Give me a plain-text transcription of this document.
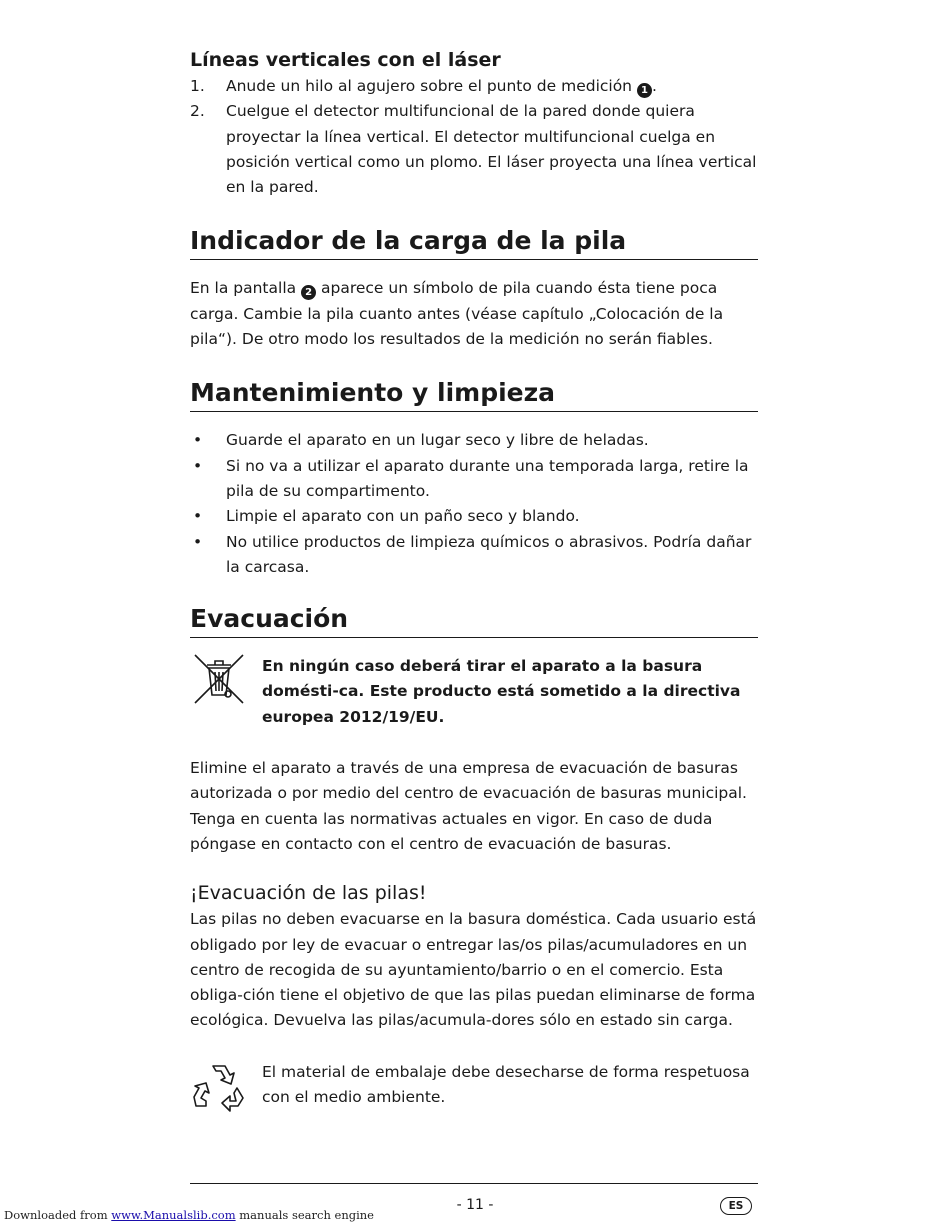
Líneas verticales con el láser
1. Anude un hilo al agujero sobre el punto de medición 1 .
2. Cuelgue el detector multifuncional de la pared donde quiera proyectar la línea vertical. El detector multifuncional cuelga en posición vertical como un plomo. El láser proyecta una línea vertical en la pared.
Indicador de la carga de la pila

En la pantalla 2 aparece un símbolo de pila cuando ésta tiene poca carga. Cambie la pila cuanto antes (véase capítulo „Colocación de la pila“). De otro modo los resultados de la medición no serán fiables.

Mantenimiento y limpieza
• Guarde el aparato en un lugar seco y libre de heladas.
• Si no va a utilizar el aparato durante una temporada larga, retire la pila de su compartimento.
• Limpie el aparato con un paño seco y blando.
• No utilice productos de limpieza químicos o abrasivos. Podría dañar la carcasa.
Evacuación

En ningún caso deberá tirar el aparato a la basura domésti-ca. Este producto está sometido a la directiva europea 2012/19/EU.

Elimine el aparato a través de una empresa de evacuación de basuras autorizada o por medio del centro de evacuación de basuras municipal. Tenga en cuenta las normativas actuales en vigor. En caso de duda póngase en contacto con el centro de evacuación de basuras.

¡Evacuación de las pilas!

Las pilas no deben evacuarse en la basura doméstica. Cada usuario está obligado por ley de evacuar o entregar las/os pilas/acumuladores en un centro de recogida de su ayuntamiento/barrio o en el comercio. Esta obliga-ción tiene el objetivo de que las pilas puedan eliminarse de forma ecológica. Devuelva las pilas/acumula-dores sólo en estado sin carga.

El material de embalaje debe desecharse de forma respetuosa con el medio ambiente.

- 11 -	ES
Downloaded from www.Manualslib.com manuals search engine
